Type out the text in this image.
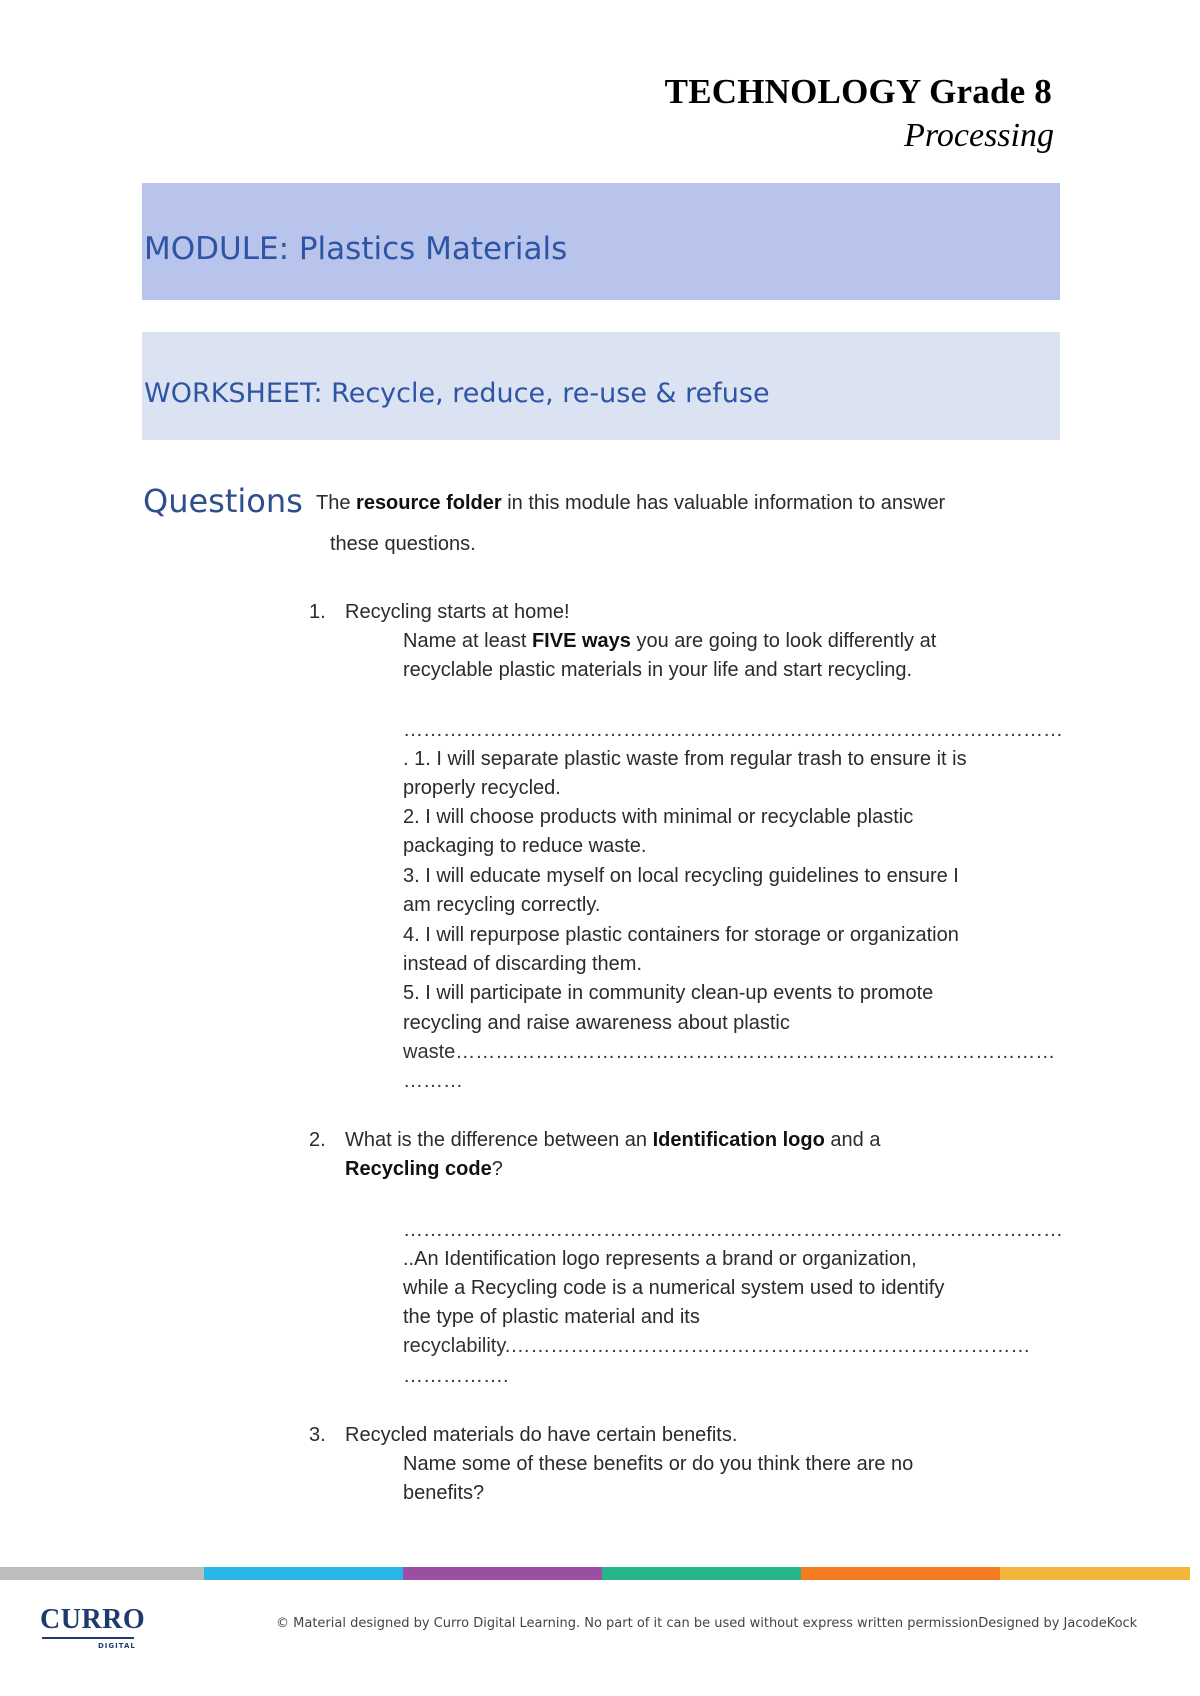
TECHNOLOGY Grade 8
Processing
MODULE: Plastics Materials
WORKSHEET: Recycle, reduce, re-use & refuse
Questions The resource folder in this module has valuable information to answer
these questions.
1. Recycling starts at home!
Name at least FIVE ways you are going to look differently at
recyclable plastic materials in your life and start recycling.
………………………………………………………………………………………
. 1. I will separate plastic waste from regular trash to ensure it is
properly recycled.
2. I will choose products with minimal or recyclable plastic
packaging to reduce waste.
3. I will educate myself on local recycling guidelines to ensure I
am recycling correctly.
4. I will repurpose plastic containers for storage or organization
instead of discarding them.
5. I will participate in community clean-up events to promote
recycling and raise awareness about plastic
waste………………………………………………………………………………
………
2. What is the difference between an Identification logo and a
Recycling code?
………………………………………………………………………………………
..An Identification logo represents a brand or organization,
while a Recycling code is a numerical system used to identify
the type of plastic material and its
recyclability.……………………………………………………………………
…………….
3. Recycled materials do have certain benefits.
Name some of these benefits or do you think there are no
benefits?
CURRO
DIGITAL
© Material designed by Curro Digital Learning. No part of it can be used without express written permissionDesigned by JacodeKock
